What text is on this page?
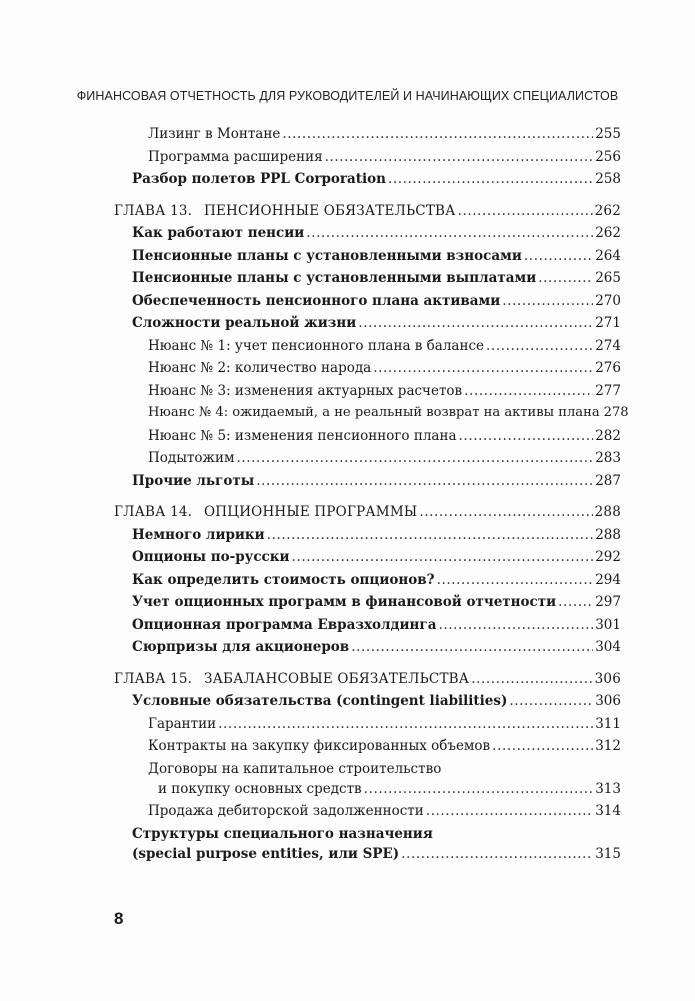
ФИНАНСОВАЯ ОТЧЕТНОСТЬ ДЛЯ РУКОВОДИТЕЛЕЙ И НАЧИНАЮЩИХ СПЕЦИАЛИСТОВ
Лизинг в Монтане .....	255
Программа расширения .....	256
Разбор полетов PPL Corporation .....	258
ГЛАВА 13. ПЕНСИОННЫЕ ОБЯЗАТЕЛЬСТВА .....	262
Как работают пенсии .....	262
Пенсионные планы с установленными взносами .....	264
Пенсионные планы с установленными выплатами .....	265
Обеспеченность пенсионного плана активами .....	270
Сложности реальной жизни .....	271
Нюанс № 1: учет пенсионного плана в балансе .....	274
Нюанс № 2: количество народа .....	276
Нюанс № 3: изменения актуарных расчетов .....	277
Нюанс № 4: ожидаемый, а не реальный возврат на активы плана 278
Нюанс № 5: изменения пенсионного плана .....	282
Подытожим .....	283
Прочие льготы .....	287
ГЛАВА 14. ОПЦИОННЫЕ ПРОГРАММЫ .....	288
Немного лирики .....	288
Опционы по-русски .....	292
Как определить стоимость опционов? .....	294
Учет опционных программ в финансовой отчетности .....	297
Опционная программа Евразхолдинга .....	301
Сюрпризы для акционеров .....	304
ГЛАВА 15. ЗАБАЛАНСОВЫЕ ОБЯЗАТЕЛЬСТВА .....	306
Условные обязательства (contingent liabilities) .....	306
Гарантии .....	311
Контракты на закупку фиксированных объемов .....	312
Договоры на капитальное строительство
и покупку основных средств .....	313
Продажа дебиторской задолженности .....	314
Структуры специального назначения
(special purpose entities, или SPE) .....	315
8
